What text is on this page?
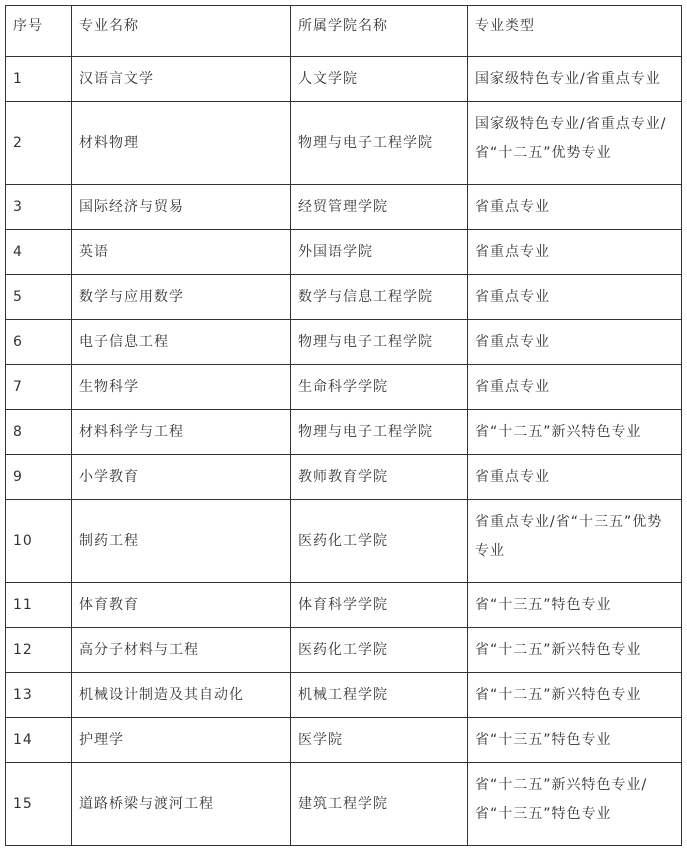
序号	专业名称	所属学院名称	专业类型
1	汉语言文学	人文学院	国家级特色专业/省重点专业
2	材料物理	物理与电子工程学院	国家级特色专业/省重点专业/省“十二五”优势专业
3	国际经济与贸易	经贸管理学院	省重点专业
4	英语	外国语学院	省重点专业
5	数学与应用数学	数学与信息工程学院	省重点专业
6	电子信息工程	物理与电子工程学院	省重点专业
7	生物科学	生命科学学院	省重点专业
8	材料科学与工程	物理与电子工程学院	省“十二五”新兴特色专业
9	小学教育	教师教育学院	省重点专业
10	制药工程	医药化工学院	省重点专业/省“十三五”优势专业
11	体育教育	体育科学学院	省“十三五”特色专业
12	高分子材料与工程	医药化工学院	省“十二五”新兴特色专业
13	机械设计制造及其自动化	机械工程学院	省“十二五”新兴特色专业
14	护理学	医学院	省“十三五”特色专业
15	道路桥梁与渡河工程	建筑工程学院	省“十二五”新兴特色专业/省“十三五”特色专业
